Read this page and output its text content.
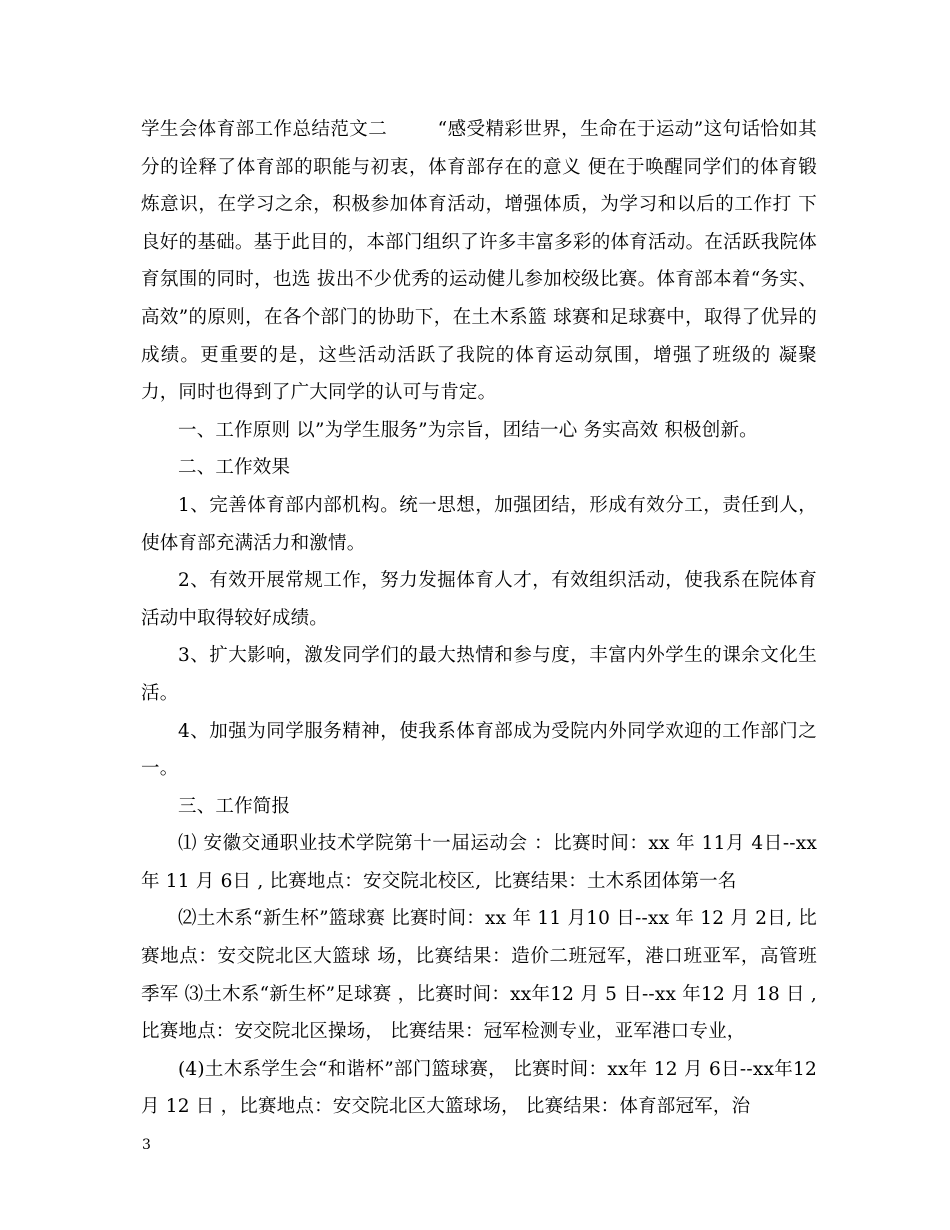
学生会体育部工作总结范文二        “感受精彩世界，生命在于运动”这句话恰如其分的诠释了体育部的职能与初衷，体育部存在的意义 便在于唤醒同学们的体育锻炼意识，在学习之余，积极参加体育活动，增强体质，为学习和以后的工作打 下良好的基础。基于此目的，本部门组织了许多丰富多彩的体育活动。在活跃我院体育氛围的同时，也选 拔出不少优秀的运动健儿参加校级比赛。体育部本着“务实、高效”的原则，在各个部门的协助下，在土木系篮 球赛和足球赛中，取得了优异的成绩。更重要的是，这些活动活跃了我院的体育运动氛围，增强了班级的 凝聚力，同时也得到了广大同学的认可与肯定。

一、工作原则 以”为学生服务”为宗旨，团结一心 务实高效 积极创新。

二、工作效果

1、完善体育部内部机构。统一思想，加强团结，形成有效分工，责任到人，使体育部充满活力和激情。

2、有效开展常规工作，努力发掘体育人才，有效组织活动，使我系在院体育活动中取得较好成绩。

3、扩大影响，激发同学们的最大热情和参与度，丰富内外学生的课余文化生活。

4、加强为同学服务精神，使我系体育部成为受院内外同学欢迎的工作部门之一。

三、工作简报

⑴ 安徽交通职业技术学院第十一届运动会 ：比赛时间：xx 年 11月 4日--xx 年 11 月 6日 , 比赛地点：安交院北校区,  比赛结果：土木系团体第一名

⑵土木系“新生杯”篮球赛 比赛时间：xx 年 11 月10 日--xx 年 12 月 2日, 比赛地点：安交院北区大篮球 场，比赛结果：造价二班冠军，港口班亚军，高管班季军 ⑶土木系“新生杯”足球赛 ，比赛时间：xx年12 月 5 日--xx 年12 月 18 日 ,比赛地点：安交院北区操场， 比赛结果：冠军检测专业，亚军港口专业，

(4)土木系学生会“和谐杯”部门篮球赛， 比赛时间：xx年 12 月 6日--xx年12 月 12 日 ，比赛地点：安交院北区大篮球场， 比赛结果：体育部冠军，治

3
